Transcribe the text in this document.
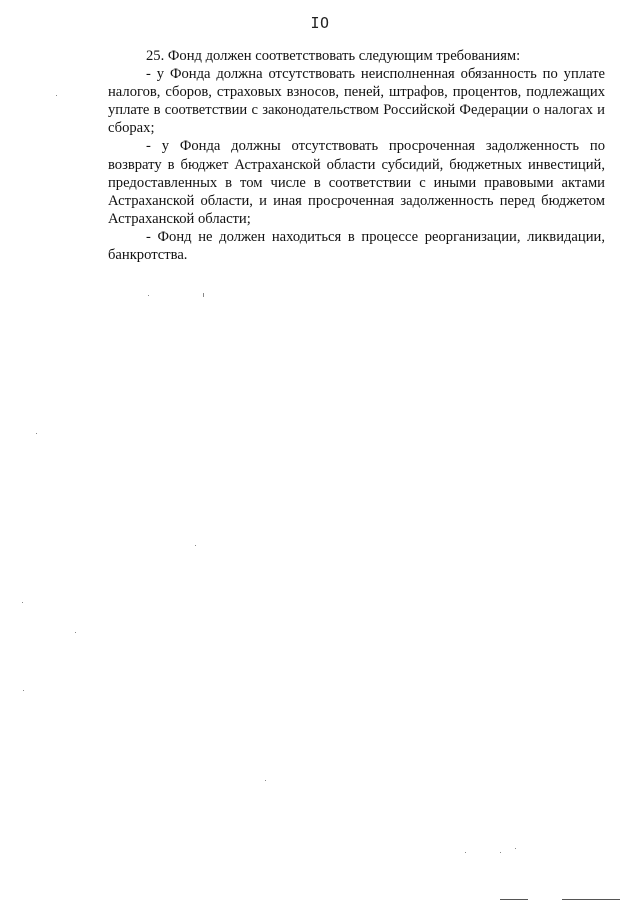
IO

25. Фонд должен соответствовать следующим требованиям:

- у Фонда должна отсутствовать неисполненная обязанность по уплате налогов, сборов, страховых взносов, пеней, штрафов, процентов, подлежащих уплате в соответствии с законодательством Российской Федерации о налогах и сборах;

- у Фонда должны отсутствовать просроченная задолженность по возврату в бюджет Астраханской области субсидий, бюджетных инвестиций, предоставленных в том числе в соответствии с иными правовыми актами Астраханской области, и иная просроченная задолженность перед бюджетом Астраханской области;

- Фонд не должен находиться в процессе реорганизации, ликвидации, банкротства.
